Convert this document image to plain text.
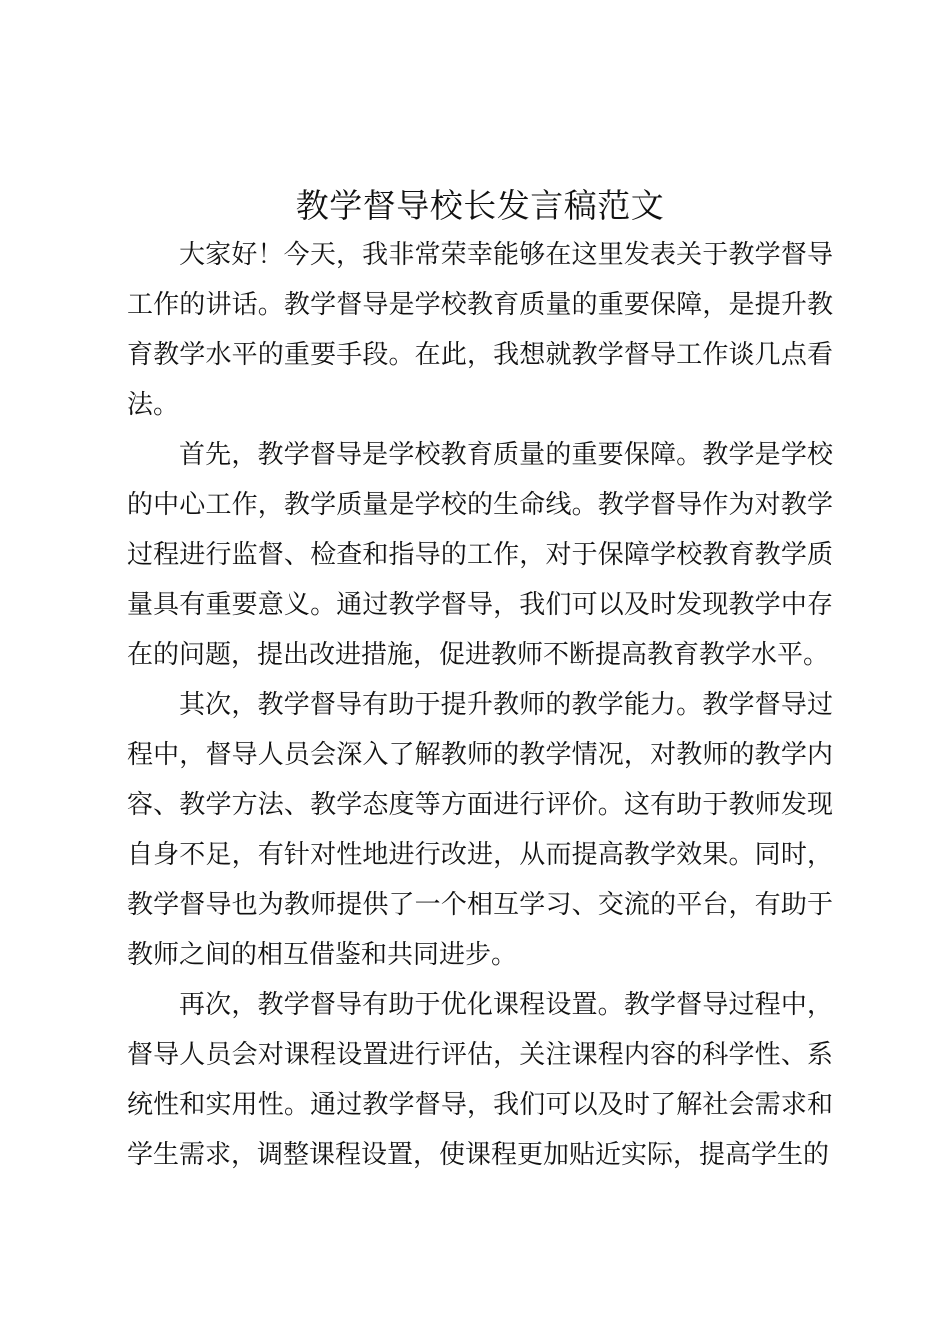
教学督导校长发言稿范文

大家好！今天，我非常荣幸能够在这里发表关于教学督导工作的讲话。教学督导是学校教育质量的重要保障，是提升教育教学水平的重要手段。在此，我想就教学督导工作谈几点看法。

首先，教学督导是学校教育质量的重要保障。教学是学校的中心工作，教学质量是学校的生命线。教学督导作为对教学过程进行监督、检查和指导的工作，对于保障学校教育教学质量具有重要意义。通过教学督导，我们可以及时发现教学中存在的问题，提出改进措施，促进教师不断提高教育教学水平。

其次，教学督导有助于提升教师的教学能力。教学督导过程中，督导人员会深入了解教师的教学情况，对教师的教学内容、教学方法、教学态度等方面进行评价。这有助于教师发现自身不足，有针对性地进行改进，从而提高教学效果。同时，教学督导也为教师提供了一个相互学习、交流的平台，有助于教师之间的相互借鉴和共同进步。

再次，教学督导有助于优化课程设置。教学督导过程中，督导人员会对课程设置进行评估，关注课程内容的科学性、系统性和实用性。通过教学督导，我们可以及时了解社会需求和学生需求，调整课程设置，使课程更加贴近实际，提高学生的
